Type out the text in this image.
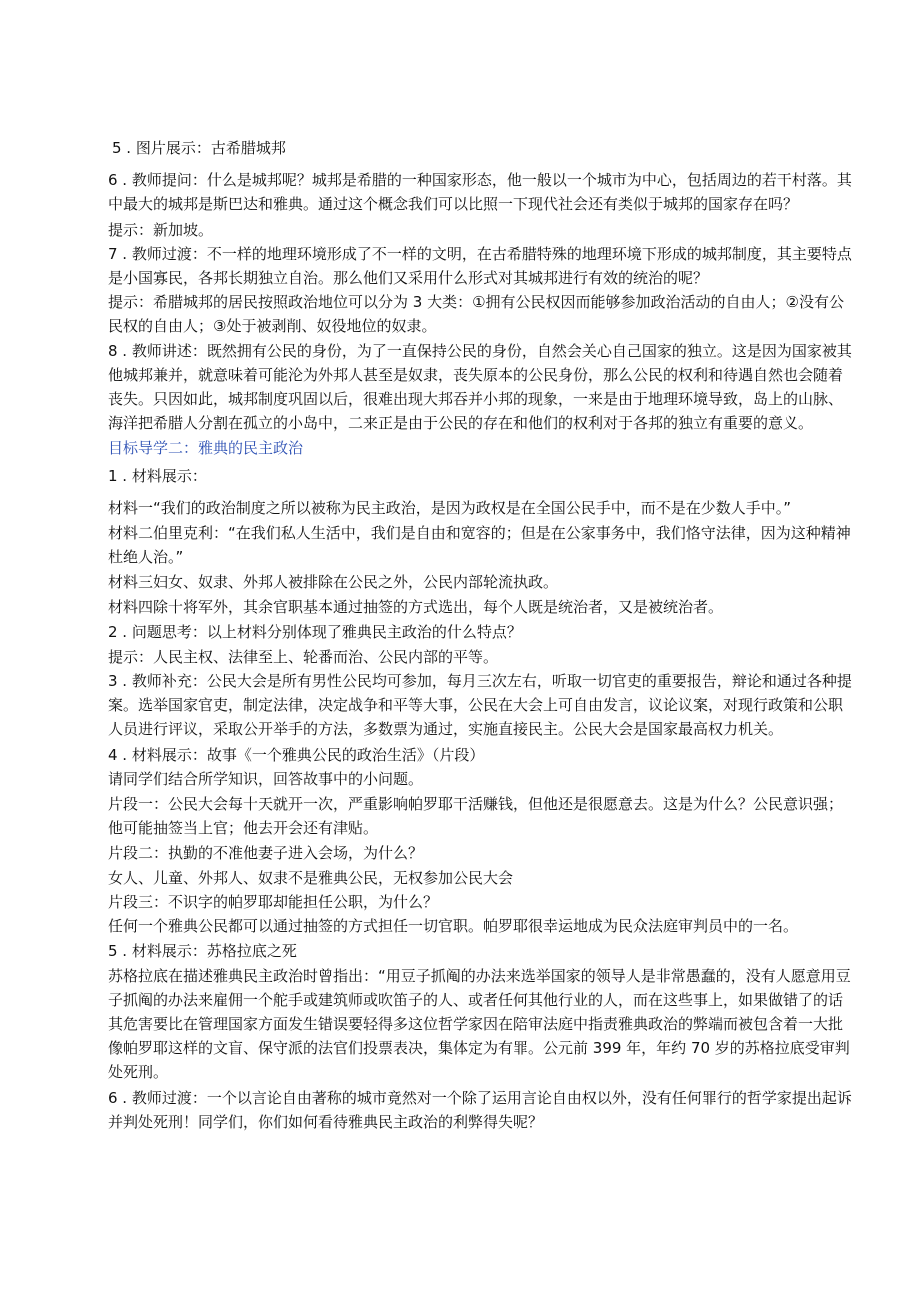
5 . 图片展示：古希腊城邦

6 . 教师提问：什么是城邦呢？城邦是希腊的一种国家形态，他一般以一个城市为中心，包括周边的若干村落。其中最大的城邦是斯巴达和雅典。通过这个概念我们可以比照一下现代社会还有类似于城邦的国家存在吗？

提示：新加坡。

7 . 教师过渡：不一样的地理环境形成了不一样的文明，在古希腊特殊的地理环境下形成的城邦制度，其主要特点是小国寡民，各邦长期独立自治。那么他们又采用什么形式对其城邦进行有效的统治的呢？

提示：希腊城邦的居民按照政治地位可以分为 3 大类：①拥有公民权因而能够参加政治活动的自由人；②没有公民权的自由人；③处于被剥削、奴役地位的奴隶。

8 . 教师讲述：既然拥有公民的身份，为了一直保持公民的身份，自然会关心自己国家的独立。这是因为国家被其他城邦兼并，就意味着可能沦为外邦人甚至是奴隶，丧失原本的公民身份，那么公民的权利和待遇自然也会随着丧失。只因如此，城邦制度巩固以后，很难出现大邦吞并小邦的现象，一来是由于地理环境导致，岛上的山脉、海洋把希腊人分割在孤立的小岛中，二来正是由于公民的存在和他们的权利对于各邦的独立有重要的意义。

目标导学二：雅典的民主政治

1 . 材料展示：

材料一“我们的政治制度之所以被称为民主政治，是因为政权是在全国公民手中，而不是在少数人手中。”

材料二伯里克利：“在我们私人生活中，我们是自由和宽容的；但是在公家事务中，我们恪守法律，因为这种精神杜绝人治。”

材料三妇女、奴隶、外邦人被排除在公民之外，公民内部轮流执政。

材料四除十将军外，其余官职基本通过抽签的方式选出，每个人既是统治者，又是被统治者。

2 . 问题思考：以上材料分别体现了雅典民主政治的什么特点？

提示：人民主权、法律至上、轮番而治、公民内部的平等。

3 . 教师补充：公民大会是所有男性公民均可参加，每月三次左右，听取一切官吏的重要报告，辩论和通过各种提案。选举国家官吏，制定法律，决定战争和平等大事，公民在大会上可自由发言，议论议案，对现行政策和公职人员进行评议，采取公开举手的方法，多数票为通过，实施直接民主。公民大会是国家最高权力机关。

4 . 材料展示：故事《一个雅典公民的政治生活》（片段）

请同学们结合所学知识，回答故事中的小问题。

片段一：公民大会每十天就开一次，严重影响帕罗耶干活赚钱，但他还是很愿意去。这是为什么？公民意识强；他可能抽签当上官；他去开会还有津贴。

片段二：执勤的不准他妻子进入会场，为什么？

女人、儿童、外邦人、奴隶不是雅典公民，无权参加公民大会

片段三：不识字的帕罗耶却能担任公职，为什么？

任何一个雅典公民都可以通过抽签的方式担任一切官职。帕罗耶很幸运地成为民众法庭审判员中的一名。

5 . 材料展示：苏格拉底之死

苏格拉底在描述雅典民主政治时曾指出：“用豆子抓阄的办法来选举国家的领导人是非常愚蠢的，没有人愿意用豆子抓阄的办法来雇佣一个舵手或建筑师或吹笛子的人、或者任何其他行业的人，而在这些事上，如果做错了的话其危害要比在管理国家方面发生错误要轻得多这位哲学家因在陪审法庭中指责雅典政治的弊端而被包含着一大批像帕罗耶这样的文盲、保守派的法官们投票表决，集体定为有罪。公元前 399 年，年约 70 岁的苏格拉底受审判处死刑。

6 . 教师过渡：一个以言论自由著称的城市竟然对一个除了运用言论自由权以外，没有任何罪行的哲学家提出起诉并判处死刑！同学们，你们如何看待雅典民主政治的利弊得失呢？
